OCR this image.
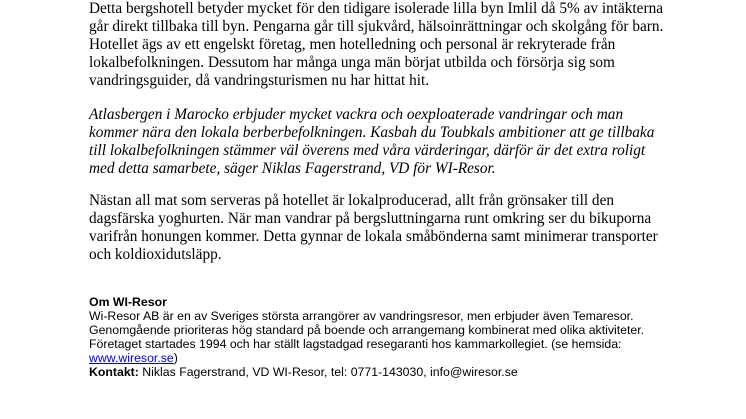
Detta bergshotell betyder mycket för den tidigare isolerade lilla byn Imlil då 5% av intäkterna
går direkt tillbaka till byn. Pengarna går till sjukvård, hälsoinrättningar och skolgång för barn.
Hotellet ägs av ett engelskt företag, men hotelledning och personal är rekryterade från
lokalbefolkningen. Dessutom har många unga män börjat utbilda och försörja sig som
vandringsguider, då vandringsturismen nu har hittat hit.
Atlasbergen i Marocko erbjuder mycket vackra och oexploaterade vandringar och man
kommer nära den lokala berberbefolkningen. Kasbah du Toubkals ambitioner att ge tillbaka
till lokalbefolkningen stämmer väl överens med våra värderingar, därför är det extra roligt
med detta samarbete, säger Niklas Fagerstrand, VD för WI-Resor.
Nästan all mat som serveras på hotellet är lokalproducerad, allt från grönsaker till den
dagsfärska yoghurten. När man vandrar på bergsluttningarna runt omkring ser du bikuporna
varifrån honungen kommer. Detta gynnar de lokala småbönderna samt minimerar transporter
och koldioxidutsläpp.
Om WI-Resor
Wi-Resor AB är en av Sveriges största arrangörer av vandringsresor, men erbjuder även Temaresor.
Genomgående prioriteras hög standard på boende och arrangemang kombinerat med olika aktiviteter.
Företaget startades 1994 och har ställt lagstadgad resegaranti hos kammarkollegiet. (se hemsida:
www.wiresor.se)
Kontakt: Niklas Fagerstrand, VD WI-Resor, tel: 0771-143030, info@wiresor.se
